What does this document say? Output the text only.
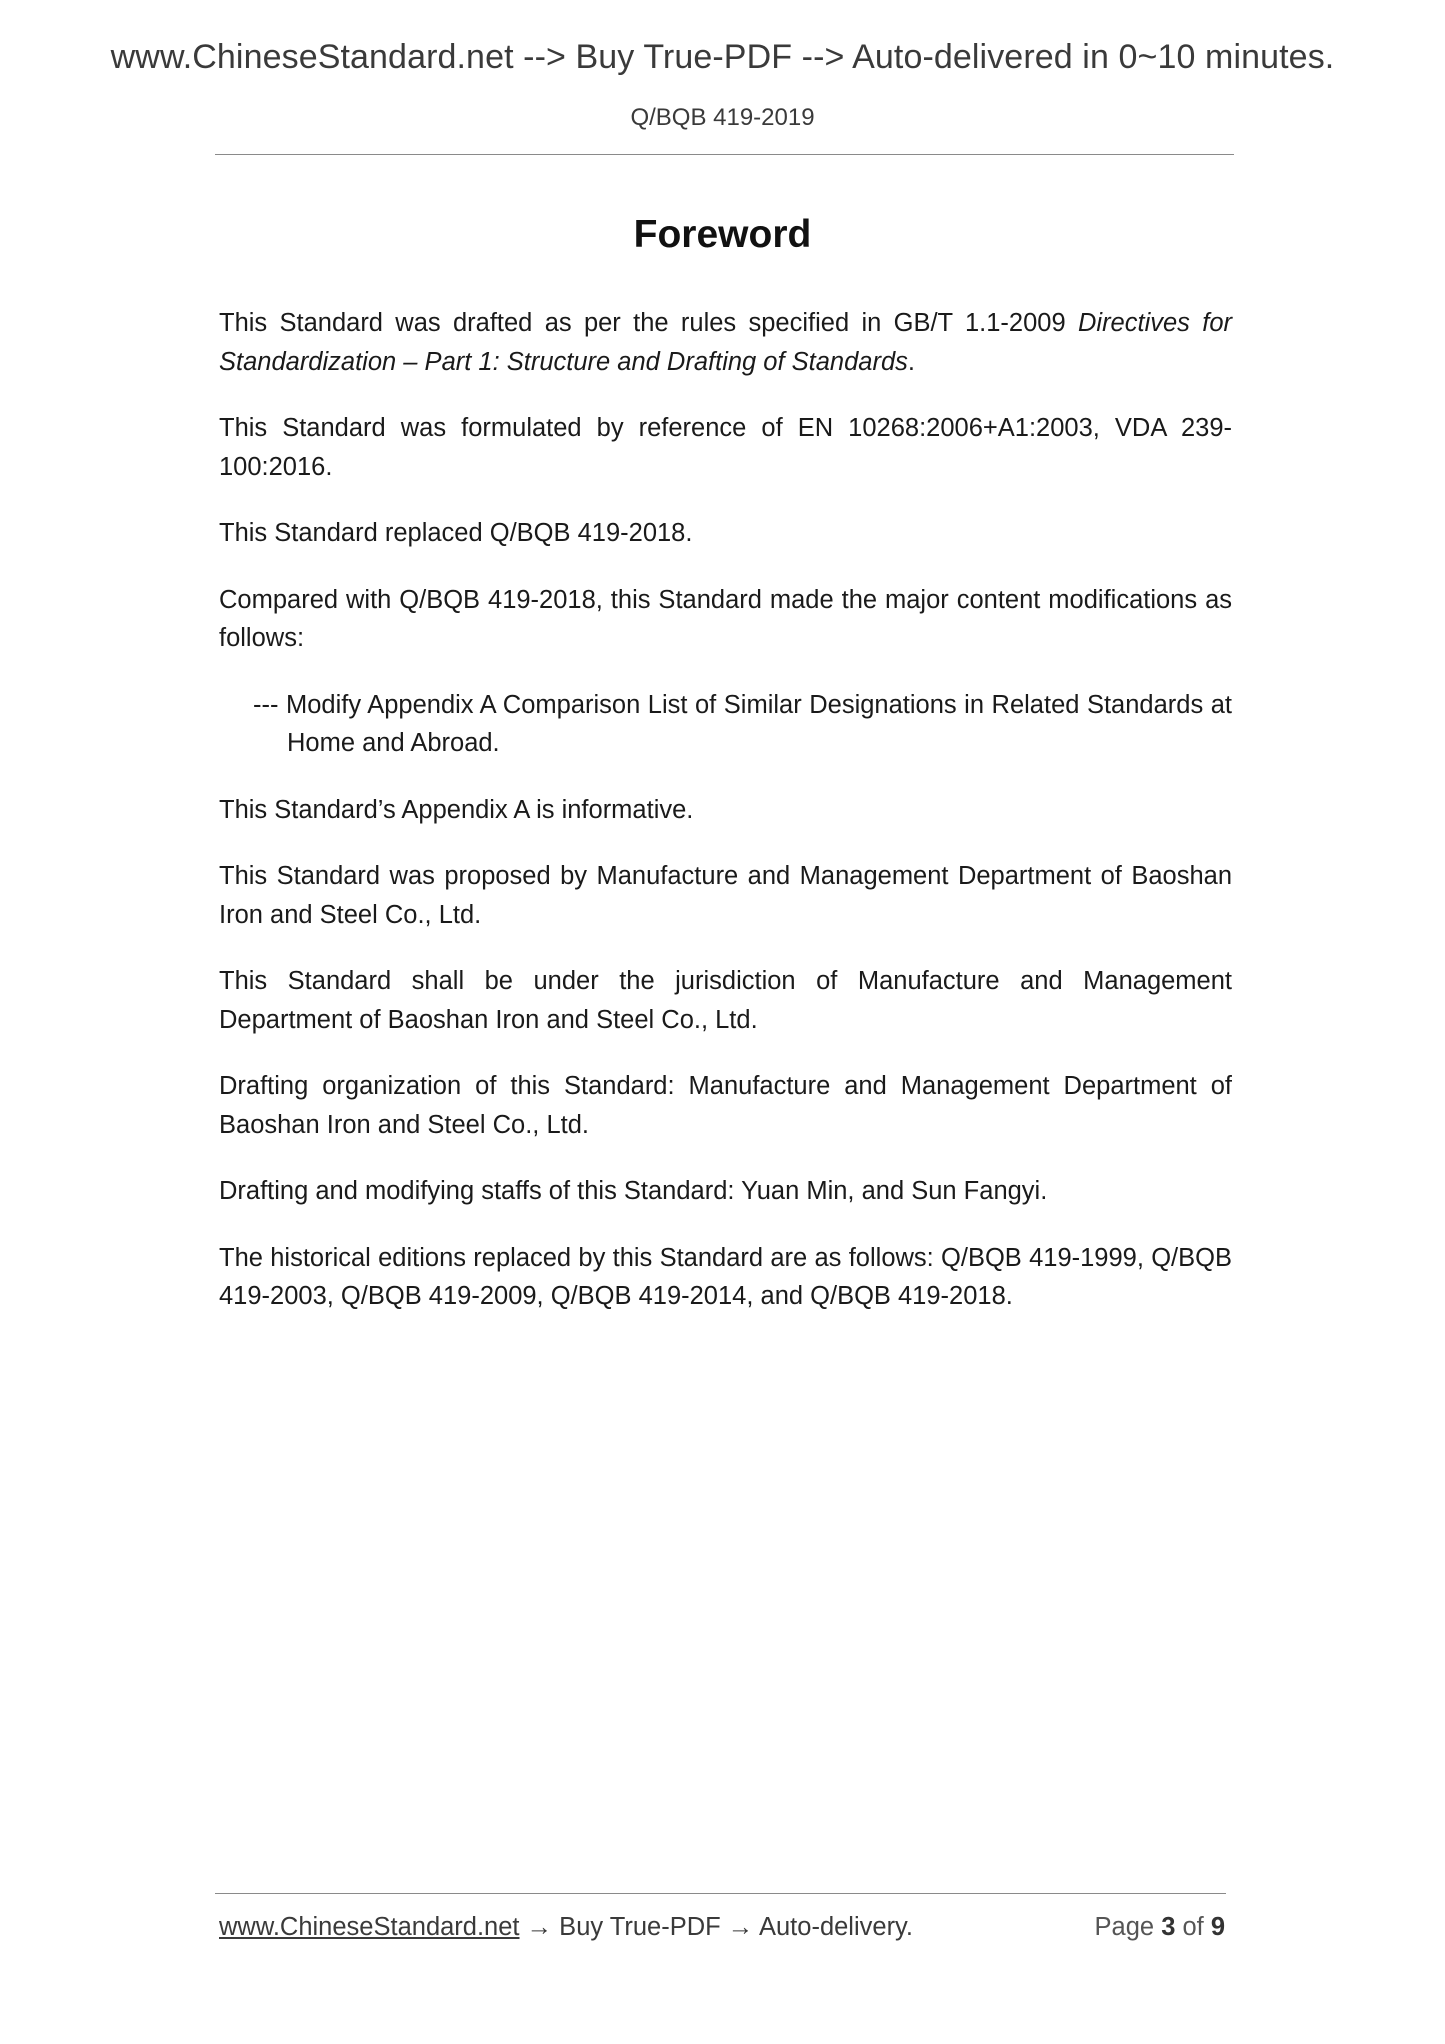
www.ChineseStandard.net --> Buy True-PDF --> Auto-delivered in 0~10 minutes.
Q/BQB 419-2019
Foreword

This Standard was drafted as per the rules specified in GB/T 1.1-2009 Directives for Standardization – Part 1: Structure and Drafting of Standards.

This Standard was formulated by reference of EN 10268:2006+A1:2003, VDA 239-100:2016.

This Standard replaced Q/BQB 419-2018.

Compared with Q/BQB 419-2018, this Standard made the major content modifications as follows:

--- Modify Appendix A Comparison List of Similar Designations in Related Standards at Home and Abroad.

This Standard’s Appendix A is informative.

This Standard was proposed by Manufacture and Management Department of Baoshan Iron and Steel Co., Ltd.

This Standard shall be under the jurisdiction of Manufacture and Management Department of Baoshan Iron and Steel Co., Ltd.

Drafting organization of this Standard: Manufacture and Management Department of Baoshan Iron and Steel Co., Ltd.

Drafting and modifying staffs of this Standard: Yuan Min, and Sun Fangyi.

The historical editions replaced by this Standard are as follows: Q/BQB 419-1999, Q/BQB 419-2003, Q/BQB 419-2009, Q/BQB 419-2014, and Q/BQB 419-2018.

www.ChineseStandard.net → Buy True-PDF → Auto-delivery.	Page 3 of 9
